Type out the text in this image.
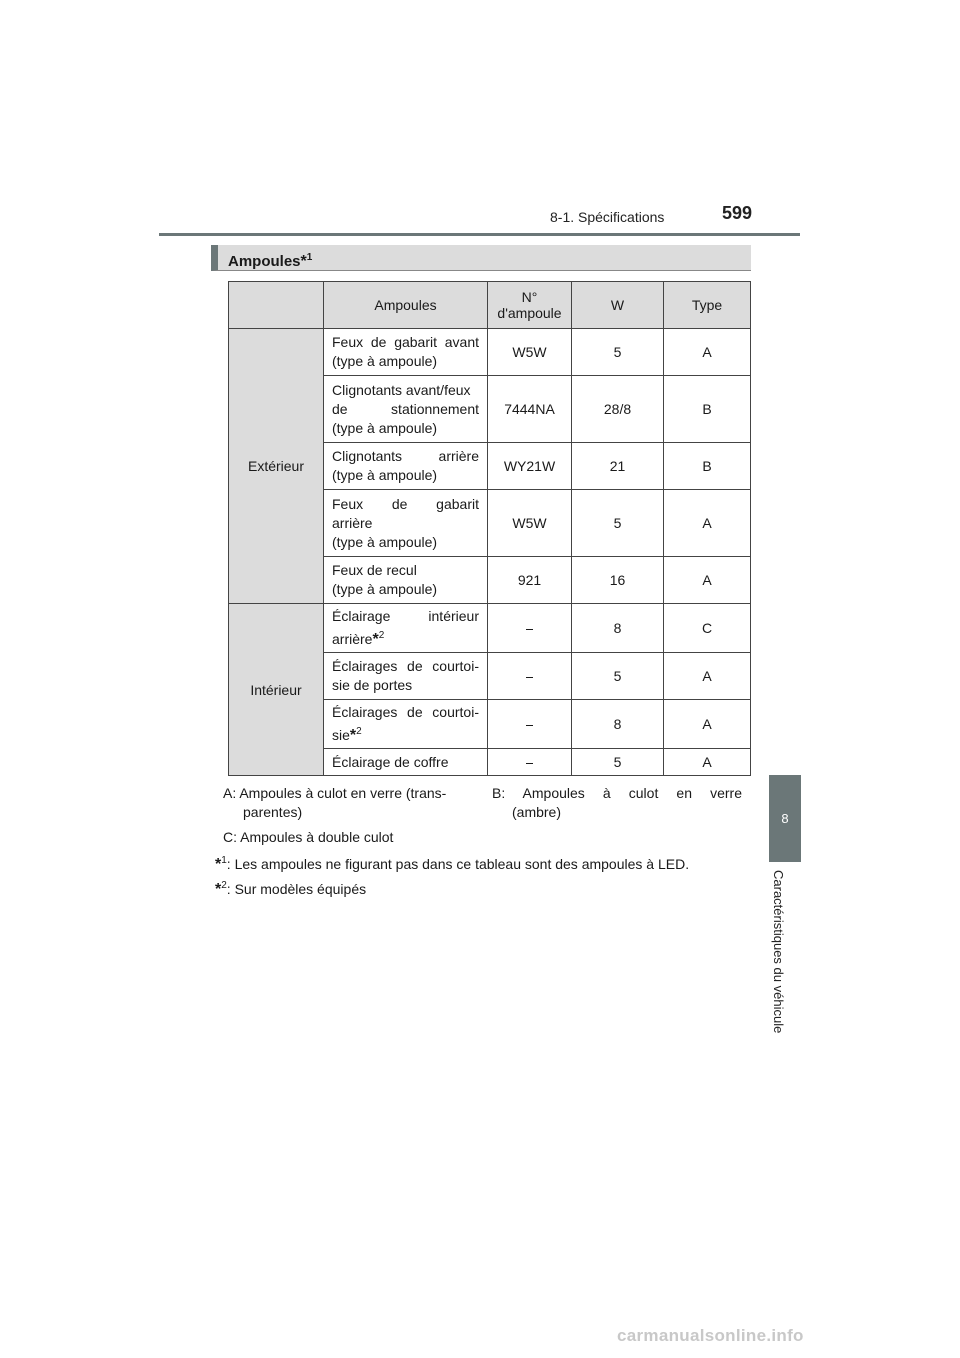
8-1. Spécifications	599
8
Caractéristiques du véhicule
Ampoules*$^1$
	Ampoules	N°
d'ampoule	W	Type
Extérieur	Feux de gabarit avant
(type à ampoule)	W5W	5	A
	Clignotants avant/feux

de stationnement
(type à ampoule)	7444NA	28/8	B

	Clignotants arrière
(type à ampoule)	WY21W	21	B

	Feux de gabarit
arrière
(type à ampoule)	W5W	5	A
	Feux de recul
(type à ampoule)	921	16	A
Intérieur	Éclairage intérieur
arrière*$^2$	⎯	8	C

	Éclairages de courtoi-
sie de portes	⎯	5	A

	Éclairages de courtoi-
sie*$^2$	⎯	8	A
	Éclairage de coffre	⎯	5	A
A: Ampoules à culot en verre (trans-
parentes)
B: Ampoules à culot en verre
(ambre)
C: Ampoules à double culot
*$^1$: Les ampoules ne figurant pas dans ce tableau sont des ampoules à LED.
*$^2$: Sur modèles équipés
carmanualsonline.info
